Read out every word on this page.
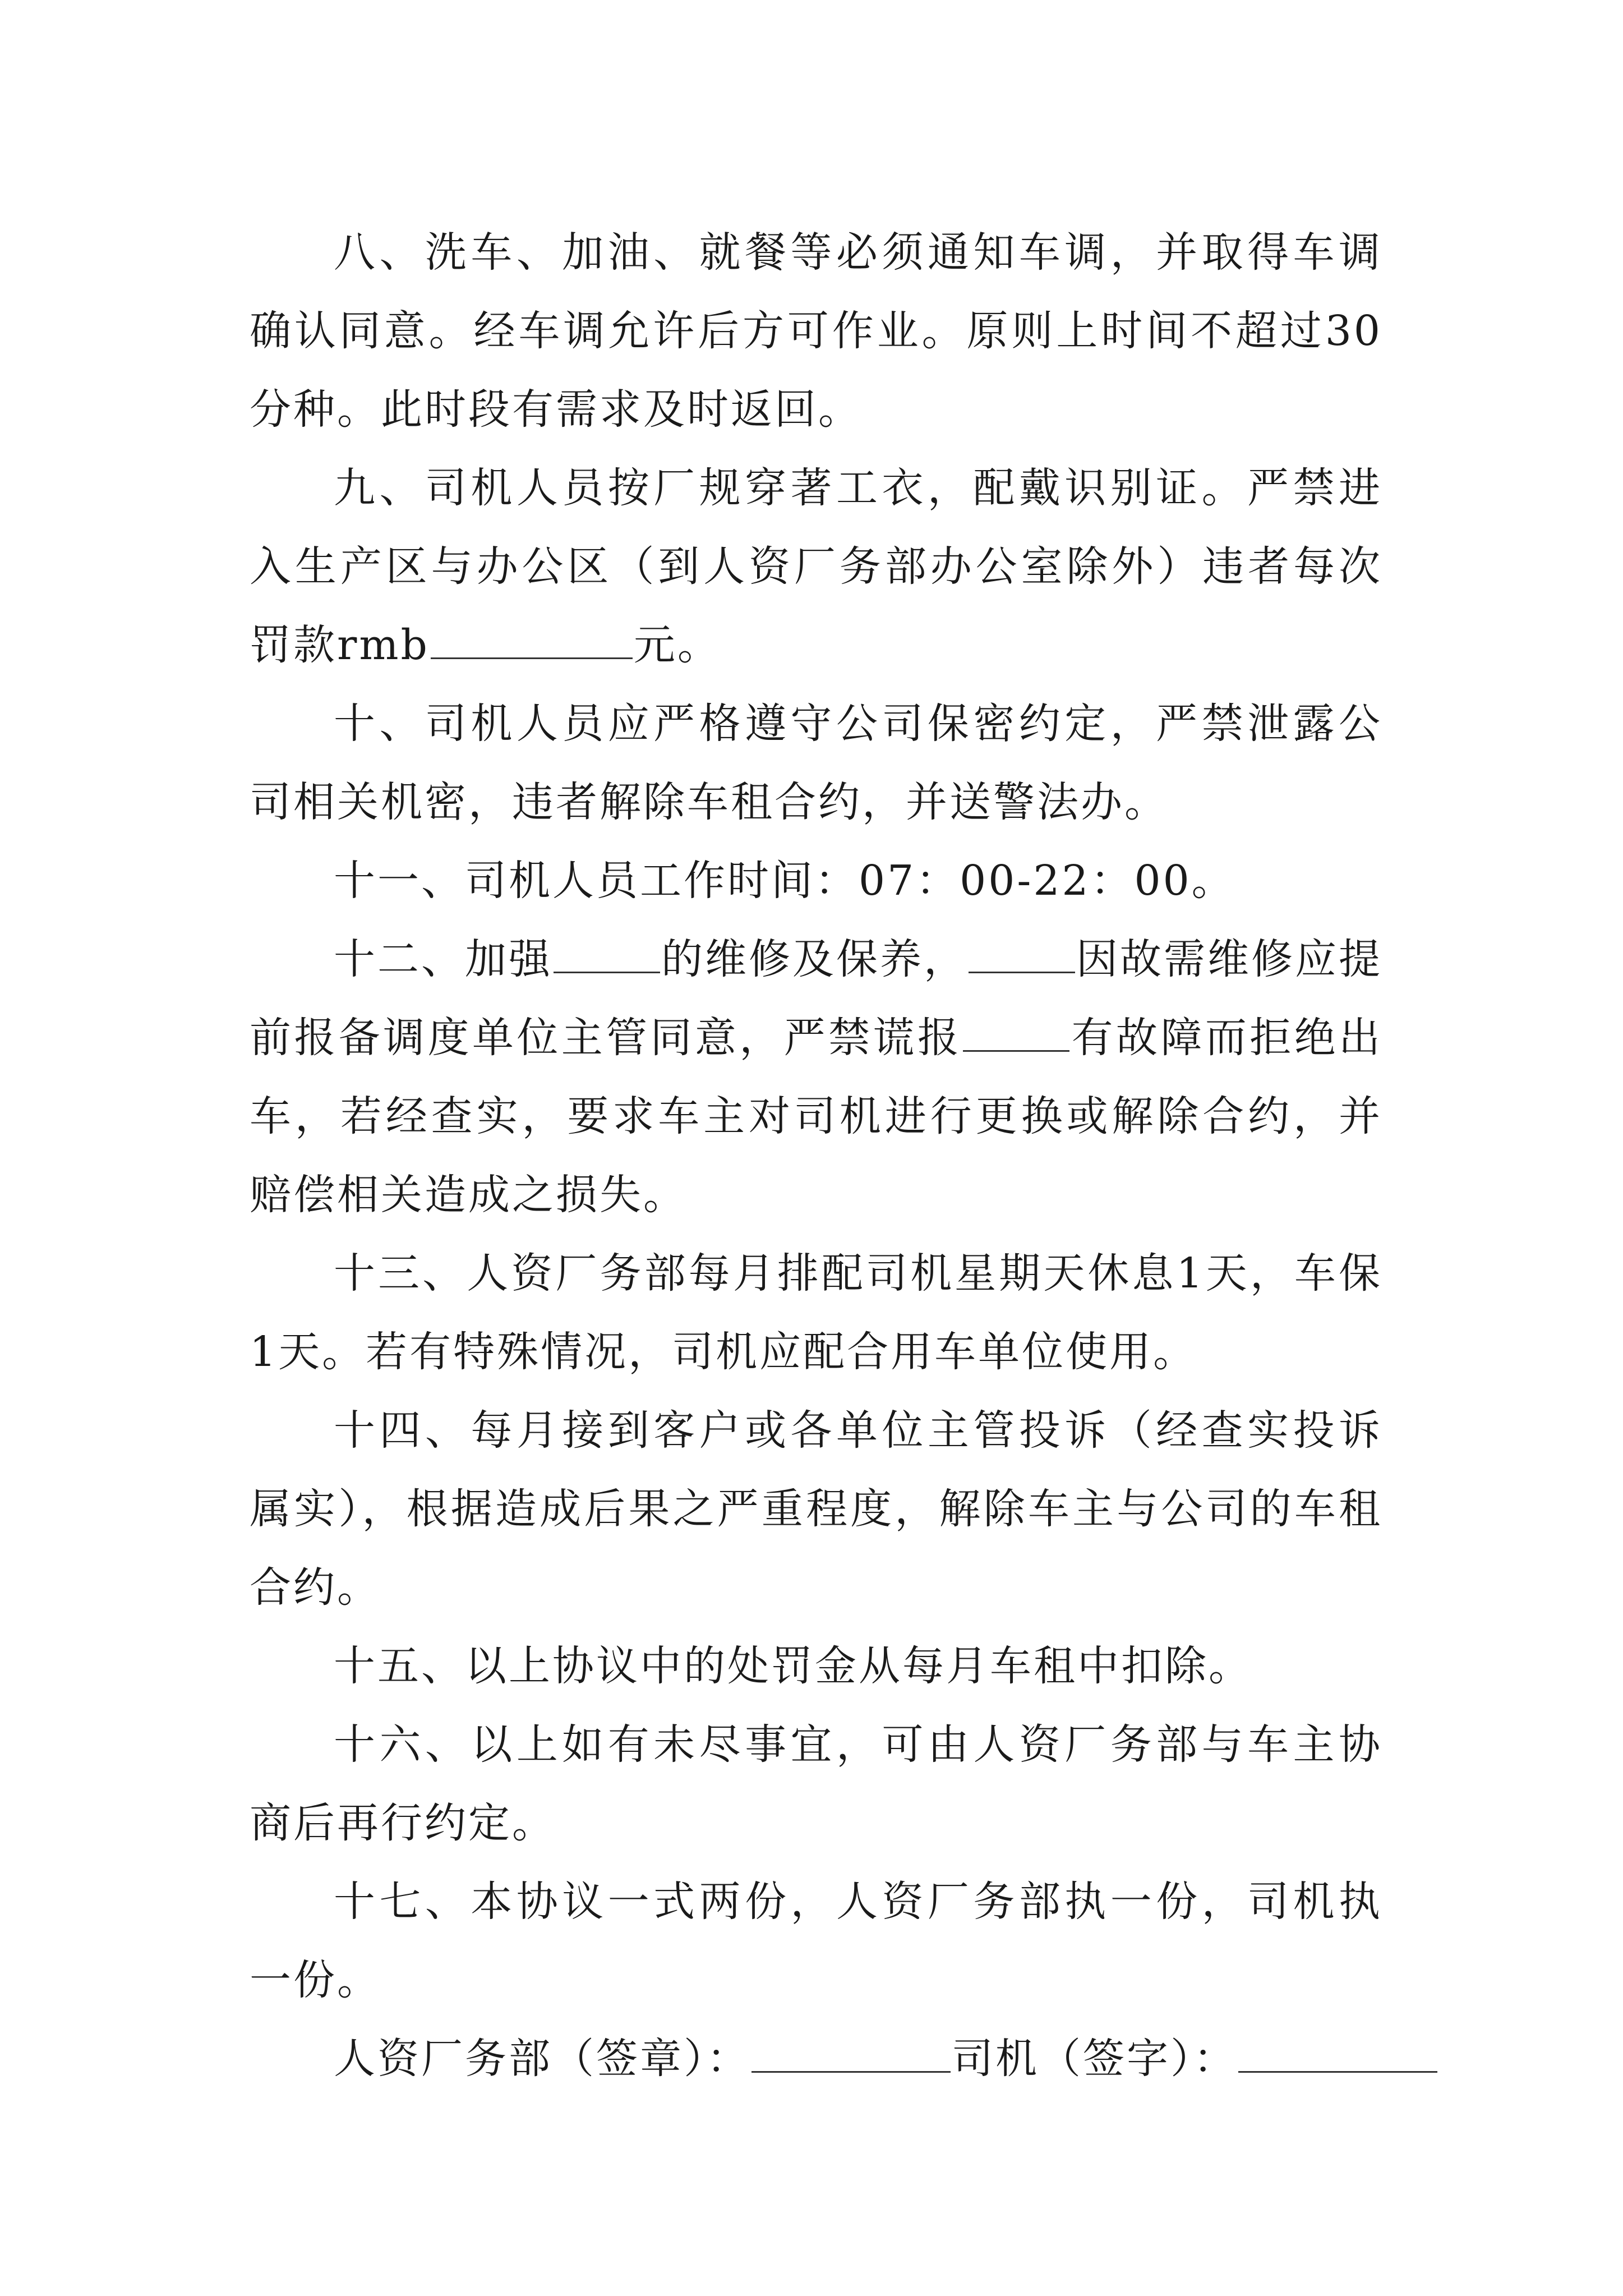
八、洗车、加油、就餐等必须通知车调，并取得车调确认同意。经车调允许后方可作业。原则上时间不超过30分种。此时段有需求及时返回。

九、司机人员按厂规穿著工衣，配戴识别证。严禁进入生产区与办公区（到人资厂务部办公室除外）违者每次罚款rmb	元。

十、司机人员应严格遵守公司保密约定，严禁泄露公司相关机密，违者解除车租合约，并送警法办。

十一、司机人员工作时间：07：00-22：00。

十二、加强	的维修及保养，	因故需维修应提前报备调度单位主管同意，严禁谎报	有故障而拒绝出车，若经查实，要求车主对司机进行更换或解除合约，并赔偿相关造成之损失。

十三、人资厂务部每月排配司机星期天休息1天，车保1天。若有特殊情况，司机应配合用车单位使用。

十四、每月接到客户或各单位主管投诉（经查实投诉属实），根据造成后果之严重程度，解除车主与公司的车租合约。

十五、以上协议中的处罚金从每月车租中扣除。

十六、以上如有未尽事宜，可由人资厂务部与车主协商后再行约定。

十七、本协议一式两份，人资厂务部执一份，司机执一份。

人资厂务部（签章）：	司机（签字）：
